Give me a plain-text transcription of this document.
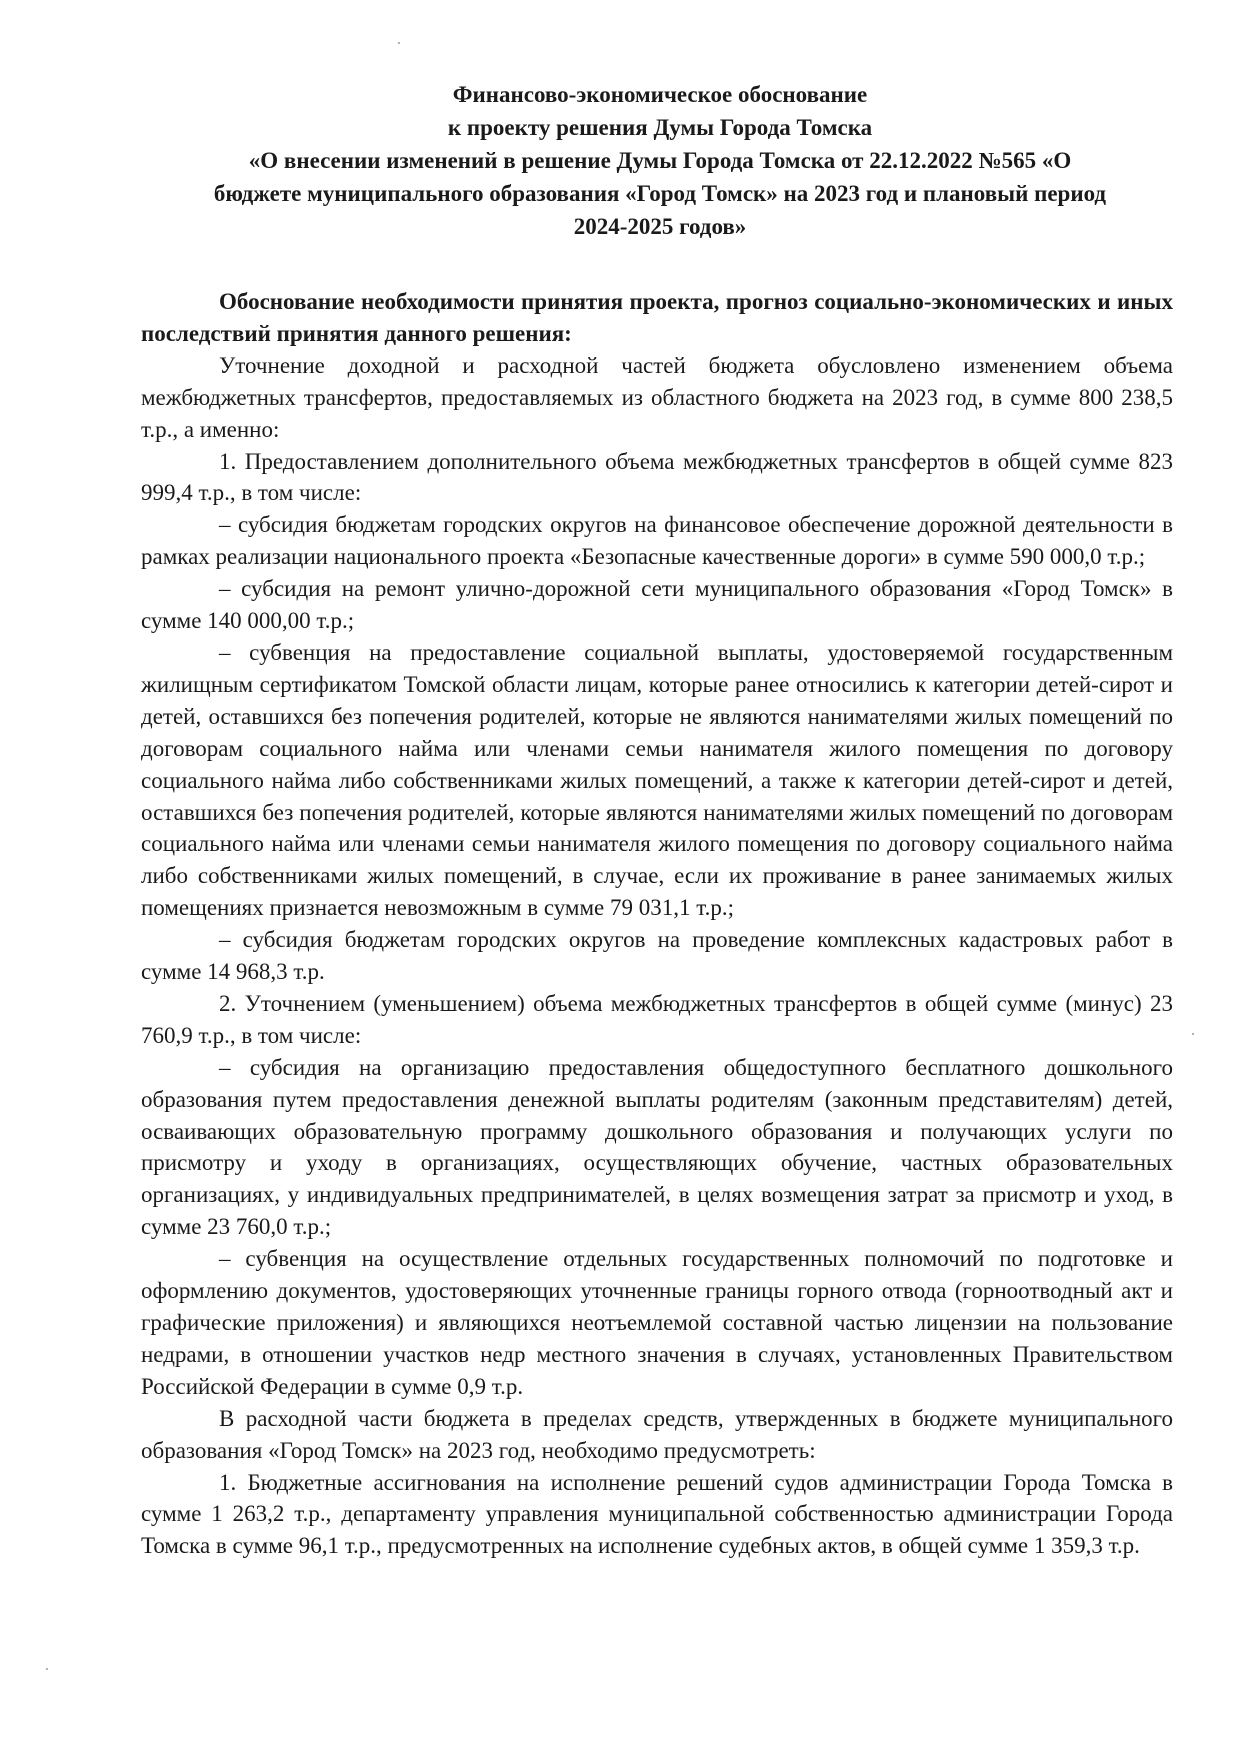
Финансово-экономическое обоснование
к проекту решения Думы Города Томска
«О внесении изменений в решение Думы Города Томска от 22.12.2022 №565 «О
бюджете муниципального образования «Город Томск» на 2023 год и плановый период
2024-2025 годов»

Обоснование необходимости принятия проекта, прогноз социально-экономических и иных последствий принятия данного решения:

Уточнение доходной и расходной частей бюджета обусловлено изменением объема межбюджетных трансфертов, предоставляемых из областного бюджета на 2023 год, в сумме 800 238,5 т.р., а именно:

1. Предоставлением дополнительного объема межбюджетных трансфертов в общей сумме 823 999,4 т.р., в том числе:

– субсидия бюджетам городских округов на финансовое обеспечение дорожной деятельности в рамках реализации национального проекта «Безопасные качественные дороги» в сумме 590 000,0 т.р.;

– субсидия на ремонт улично-дорожной сети муниципального образования «Город Томск» в сумме 140 000,00 т.р.;

– субвенция на предоставление социальной выплаты, удостоверяемой государственным жилищным сертификатом Томской области лицам, которые ранее относились к категории детей-сирот и детей, оставшихся без попечения родителей, которые не являются нанимателями жилых помещений по договорам социального найма или членами семьи нанимателя жилого помещения по договору социального найма либо собственниками жилых помещений, а также к категории детей-сирот и детей, оставшихся без попечения родителей, которые являются нанимателями жилых помещений по договорам социального найма или членами семьи нанимателя жилого помещения по договору социального найма либо собственниками жилых помещений, в случае, если их проживание в ранее занимаемых жилых помещениях признается невозможным в сумме 79 031,1 т.р.;

– субсидия бюджетам городских округов на проведение комплексных кадастровых работ в сумме 14 968,3 т.р.

2. Уточнением (уменьшением) объема межбюджетных трансфертов в общей сумме (минус) 23 760,9 т.р., в том числе:

– субсидия на организацию предоставления общедоступного бесплатного дошкольного образования путем предоставления денежной выплаты родителям (законным представителям) детей, осваивающих образовательную программу дошкольного образования и получающих услуги по присмотру и уходу в организациях, осуществляющих обучение, частных образовательных организациях, у индивидуальных предпринимателей, в целях возмещения затрат за присмотр и уход, в сумме 23 760,0 т.р.;

– субвенция на осуществление отдельных государственных полномочий по подготовке и оформлению документов, удостоверяющих уточненные границы горного отвода (горноотводный акт и графические приложения) и являющихся неотъемлемой составной частью лицензии на пользование недрами, в отношении участков недр местного значения в случаях, установленных Правительством Российской Федерации в сумме 0,9 т.р.

В расходной части бюджета в пределах средств, утвержденных в бюджете муниципального образования «Город Томск» на 2023 год, необходимо предусмотреть:

1. Бюджетные ассигнования на исполнение решений судов администрации Города Томска в сумме 1 263,2 т.р., департаменту управления муниципальной собственностью администрации Города Томска в сумме 96,1 т.р., предусмотренных на исполнение судебных актов, в общей сумме 1 359,3 т.р.
